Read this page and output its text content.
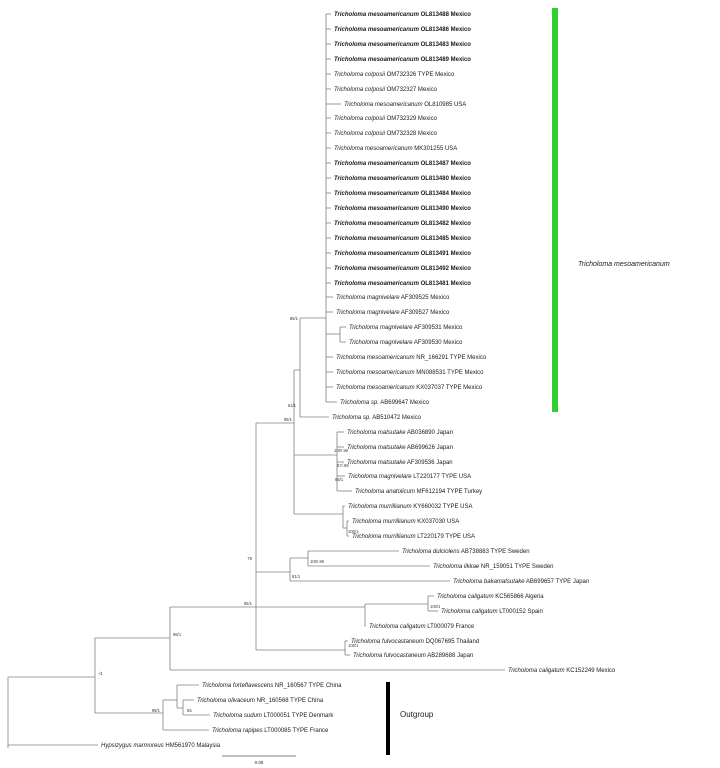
Tricholoma mesoamericanum OL813488 Mexico
Tricholoma mesoamericanum OL813486 Mexico
Tricholoma mesoamericanum OL813483 Mexico
Tricholoma mesoamericanum OL813489 Mexico
Tricholoma colposii OM732326 TYPE Mexico
Tricholoma colposii OM732327 Mexico
Tricholoma mesoamericanum OL810985 USA
Tricholoma colposii OM732329 Mexico
Tricholoma colposii OM732328 Mexico
Tricholoma mesoamericanum MK301255 USA
Tricholoma mesoamericanum OL813487 Mexico
Tricholoma mesoamericanum OL813480 Mexico
Tricholoma mesoamericanum OL813484 Mexico
Tricholoma mesoamericanum OL813490 Mexico
Tricholoma mesoamericanum OL813482 Mexico
Tricholoma mesoamericanum OL813485 Mexico
Tricholoma mesoamericanum OL813491 Mexico
Tricholoma mesoamericanum OL813492 Mexico
Tricholoma mesoamericanum OL813481 Mexico
Tricholoma magnivelare AF309525 Mexico
Tricholoma magnivelare AF309527 Mexico
Tricholoma magnivelare AF309531 Mexico
Tricholoma magnivelare AF309530 Mexico
Tricholoma mesoamericanum NR_166291 TYPE Mexico
Tricholoma mesoamericanum MN088531 TYPE Mexico
Tricholoma mesoamericanum KX037037 TYPE Mexico
Tricholoma sp. AB699647 Mexico
Tricholoma sp. AB510472 Mexico
Tricholoma matsutake AB036890 Japan
Tricholoma matsutake AB699626 Japan
Tricholoma matsutake AF309536 Japan
Tricholoma magnivelare LT220177 TYPE USA
Tricholoma anatolicum MF612194 TYPE Turkey
Tricholoma murrillianum KY660032 TYPE USA
Tricholoma murrillianum KX037030 USA
Tricholoma murrillianum LT220179 TYPE USA
Tricholoma dulciolens AB738883 TYPE Sweden
Tricholoma ilkkae NR_159051 TYPE Sweden
Tricholoma bakamatsutake AB699657 TYPE Japan
Tricholoma caligatum KC565866 Algeria
Tricholoma caligatum LT000152 Spain
Tricholoma caligatum LT000079 France
Tricholoma fulvocastaneum DQ067695 Thailand
Tricholoma fulvocastaneum AB289688 Japan
Tricholoma caligatum KC152249 Mexico
Tricholoma forteflavescens NR_160567 TYPE China
Tricholoma olivaceum NR_160568 TYPE China
Tricholoma sudum LT000051 TYPE Denmark
Tricholoma rapipes LT000085 TYPE France
Hypsizygus marmoreus HM561970 Malaysia
86/1
51/1
99/1
100/.96
67/.98
88/1
100/1
100/.96
81/1
79
95/1
100/1
100/1
98/1
-/1
99/1	55
Tricholoma mesoamericanum
Outgroup
0.05
